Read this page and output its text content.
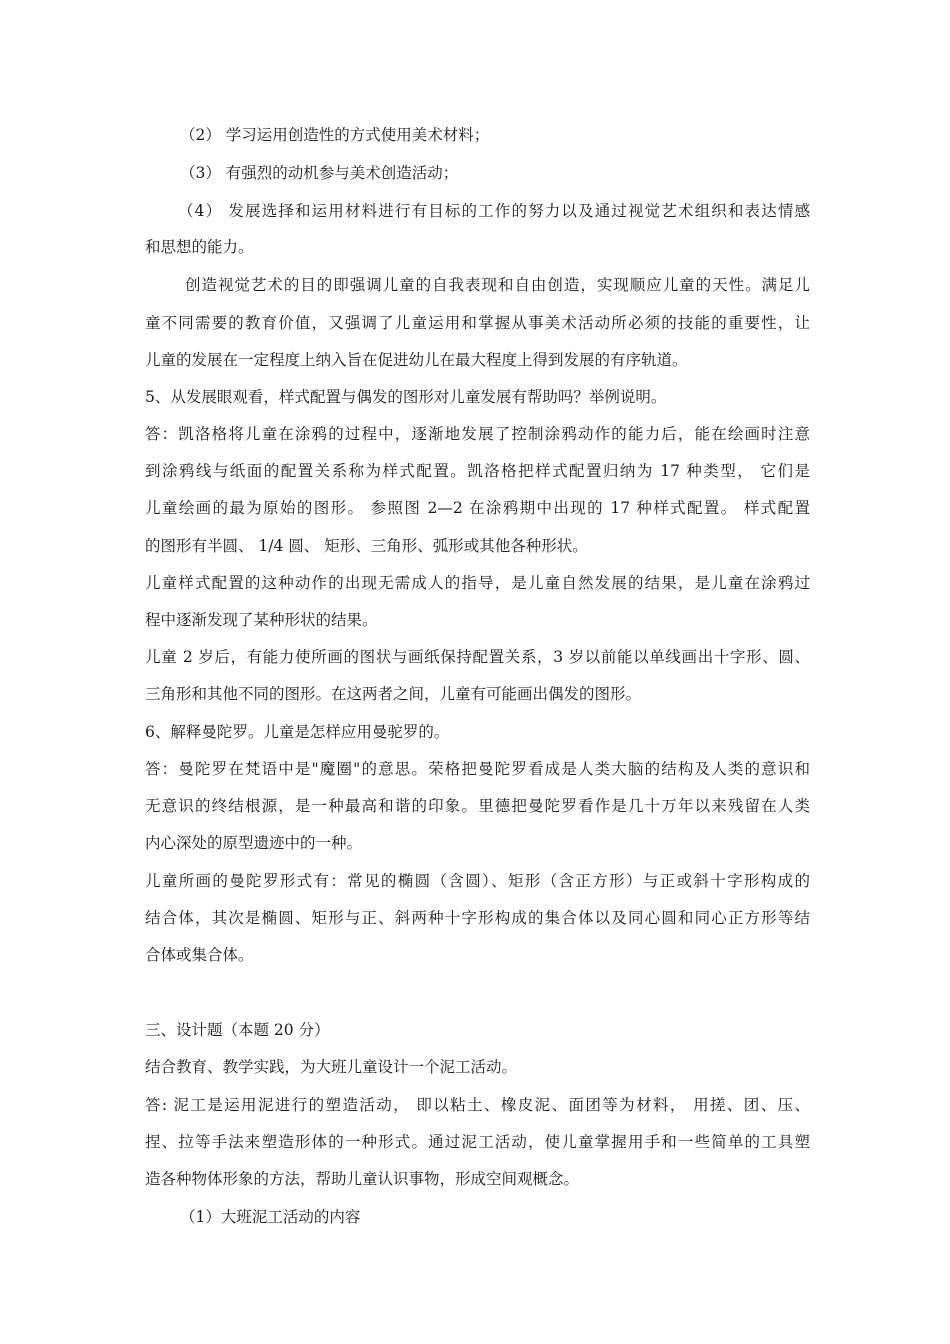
（2） 学习运用创造性的方式使用美术材料；
（3） 有强烈的动机参与美术创造活动；
（4） 发展选择和运用材料进行有目标的工作的努力以及通过视觉艺术组织和表达情感
和思想的能力。
创造视觉艺术的目的即强调儿童的自我表现和自由创造，实现顺应儿童的天性。满足儿
童不同需要的教育价值，又强调了儿童运用和掌握从事美术活动所必须的技能的重要性，让
儿童的发展在一定程度上纳入旨在促进幼儿在最大程度上得到发展的有序轨道。
5、从发展眼观看，样式配置与偶发的图形对儿童发展有帮助吗？举例说明。
答：凯洛格将儿童在涂鸦的过程中，逐渐地发展了控制涂鸦动作的能力后，能在绘画时注意
到涂鸦线与纸面的配置关系称为样式配置。凯洛格把样式配置归纳为 17 种类型， 它们是
儿童绘画的最为原始的图形。 参照图 2—2 在涂鸦期中出现的 17 种样式配置。 样式配置
的图形有半圆、 1/4 圆、 矩形、三角形、弧形或其他各种形状。
儿童样式配置的这种动作的出现无需成人的指导，是儿童自然发展的结果，是儿童在涂鸦过
程中逐渐发现了某种形状的结果。
儿童 2 岁后，有能力使所画的图状与画纸保持配置关系，3 岁以前能以单线画出十字形、圆、
三角形和其他不同的图形。在这两者之间，儿童有可能画出偶发的图形。
6、解释曼陀罗。儿童是怎样应用曼驼罗的。
答：曼陀罗在梵语中是"魔圈"的意思。荣格把曼陀罗看成是人类大脑的结构及人类的意识和
无意识的终结根源，是一种最高和谐的印象。里德把曼陀罗看作是几十万年以来残留在人类
内心深处的原型遗迹中的一种。
儿童所画的曼陀罗形式有：常见的椭圆（含圆）、矩形（含正方形）与正或斜十字形构成的
结合体，其次是椭圆、矩形与正、斜两种十字形构成的集合体以及同心圆和同心正方形等结
合体或集合体。
三、设计题（本题 20 分）
结合教育、教学实践，为大班儿童设计一个泥工活动。
答: 泥工是运用泥进行的塑造活动， 即以粘土、橡皮泥、面团等为材料， 用搓、团、压、
捏、拉等手法来塑造形体的一种形式。通过泥工活动，使儿童掌握用手和一些简单的工具塑
造各种物体形象的方法，帮助儿童认识事物，形成空间观概念。
（1）大班泥工活动的内容
